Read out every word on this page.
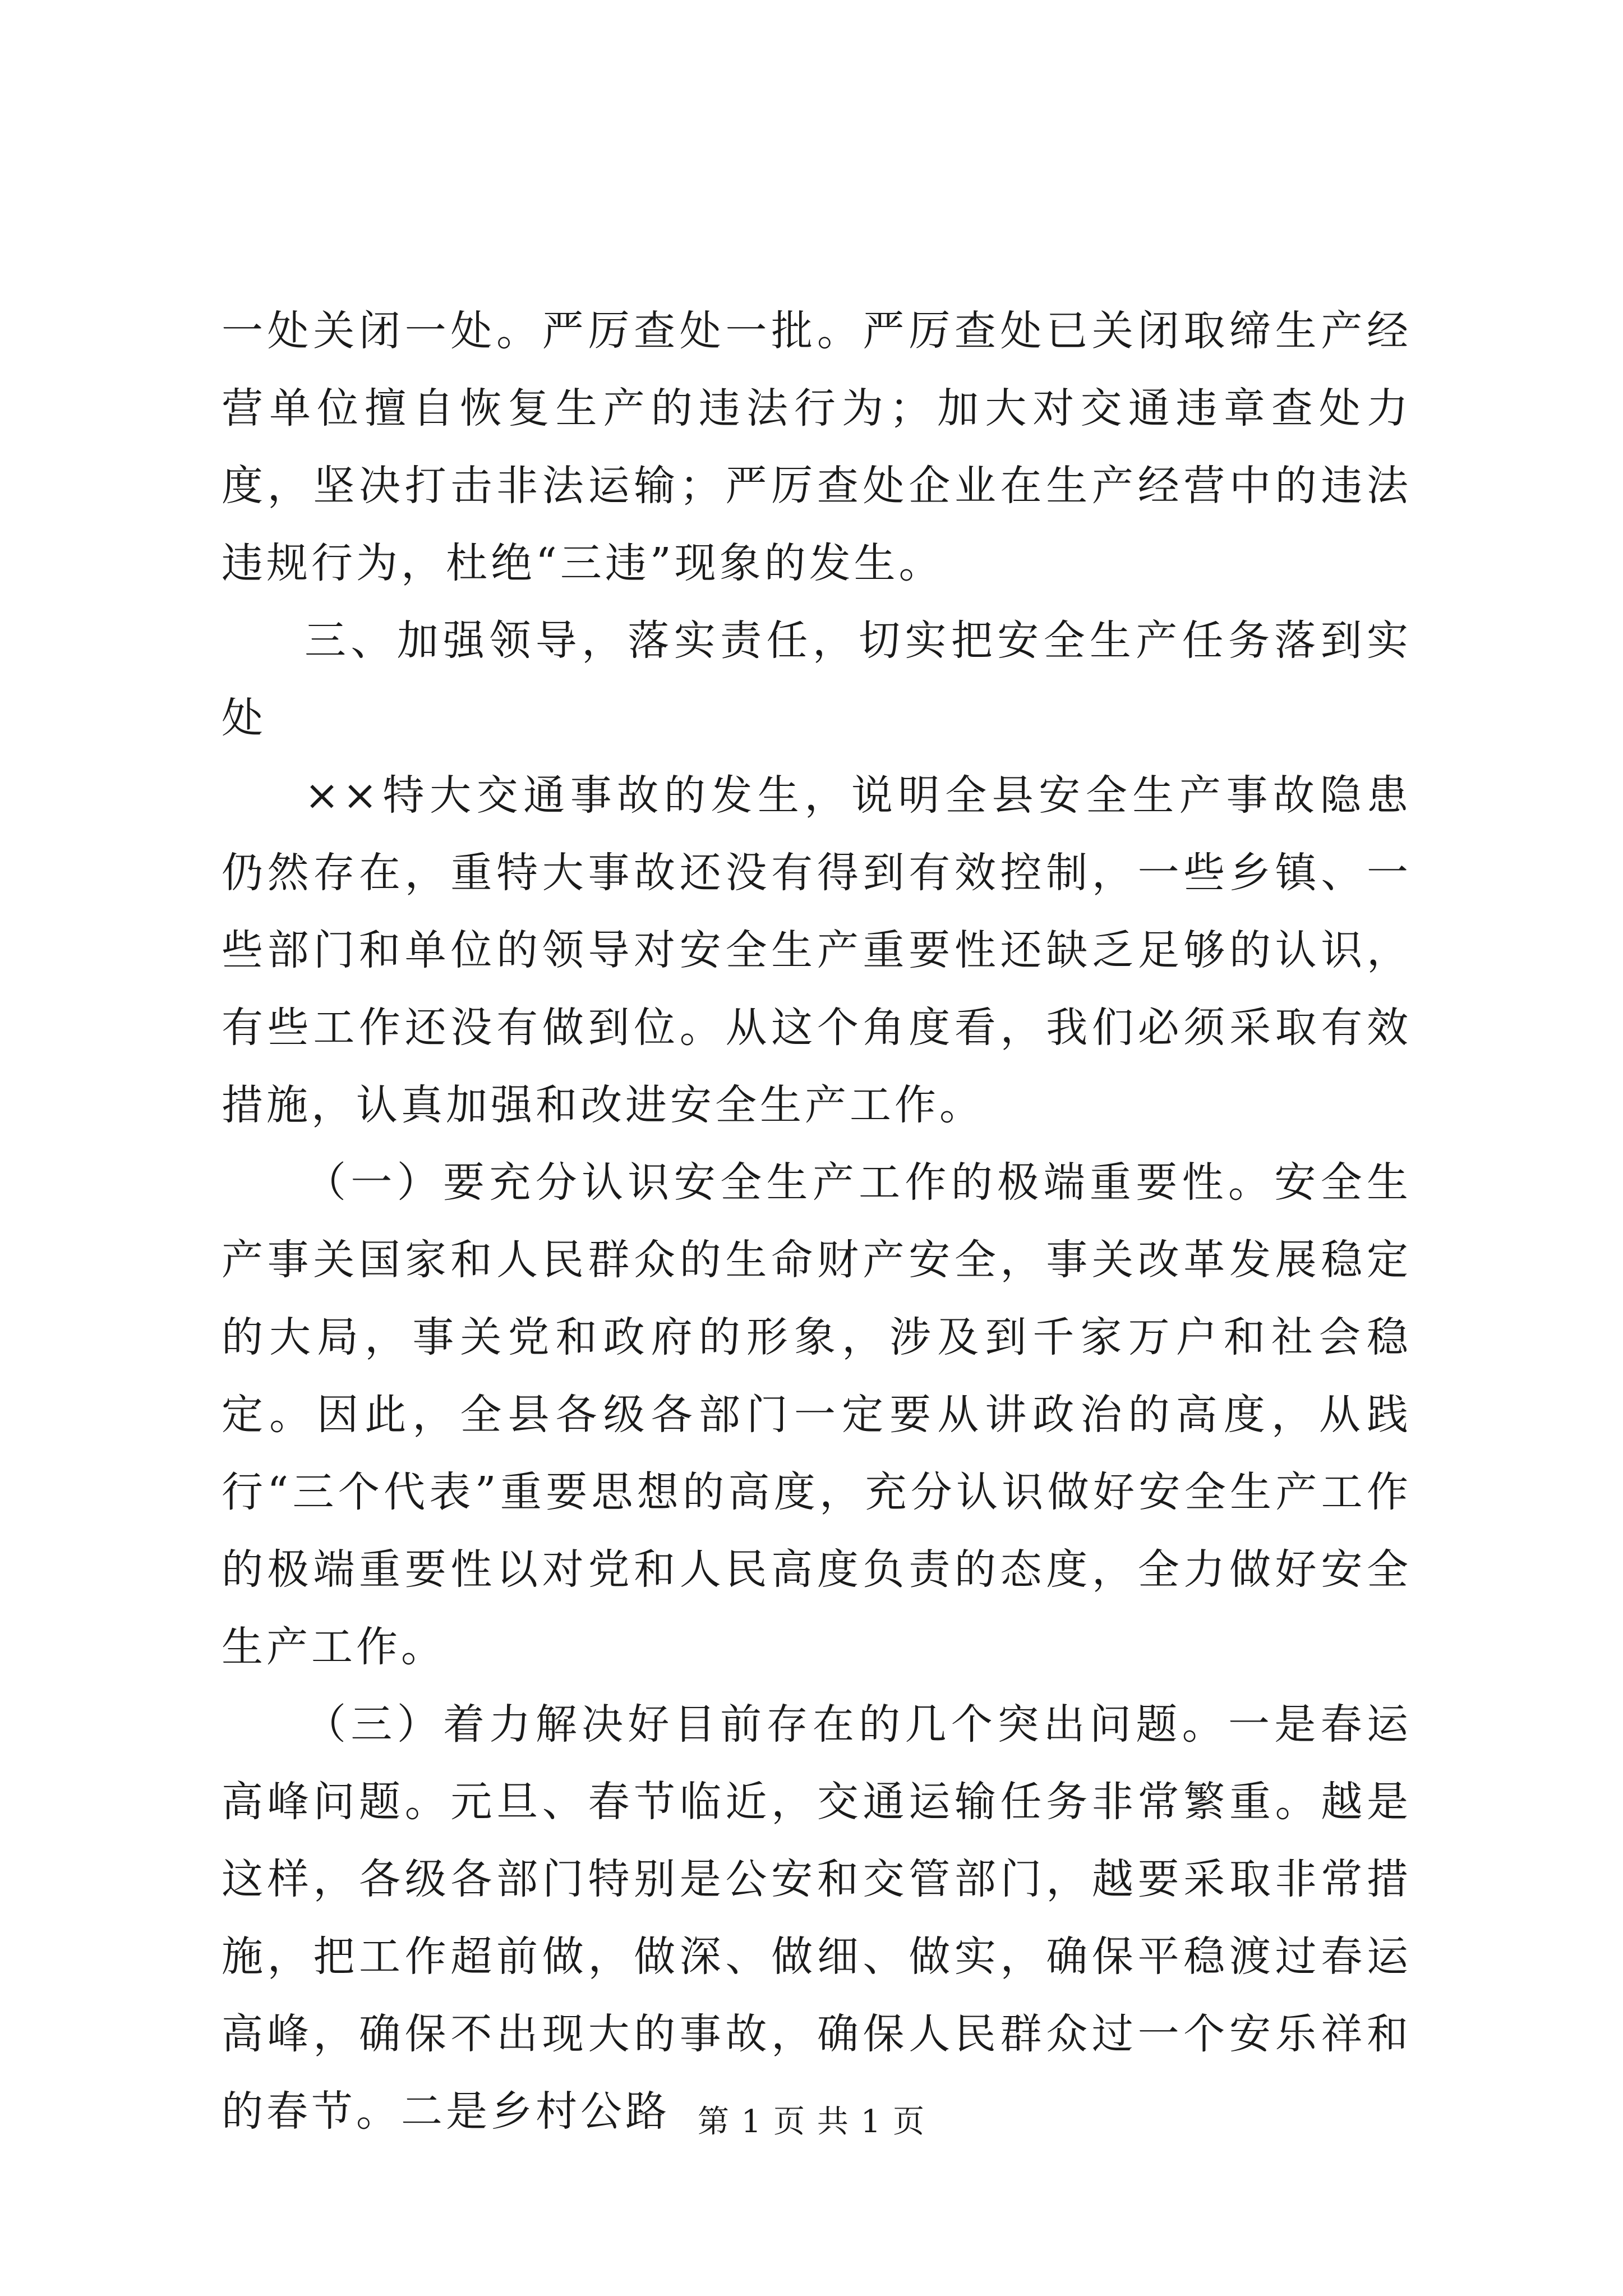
一处关闭一处。严厉查处一批。严厉查处已关闭取缔生产经营单位擅自恢复生产的违法行为；加大对交通违章查处力度，坚决打击非法运输；严厉查处企业在生产经营中的违法违规行为，杜绝“三违”现象的发生。

三、加强领导，落实责任，切实把安全生产任务落到实处

××特大交通事故的发生，说明全县安全生产事故隐患仍然存在，重特大事故还没有得到有效控制，一些乡镇、一些部门和单位的领导对安全生产重要性还缺乏足够的认识，有些工作还没有做到位。从这个角度看，我们必须采取有效措施，认真加强和改进安全生产工作。

（一）要充分认识安全生产工作的极端重要性。安全生产事关国家和人民群众的生命财产安全，事关改革发展稳定的大局，事关党和政府的形象，涉及到千家万户和社会稳定。因此，全县各级各部门一定要从讲政治的高度，从践行“三个代表”重要思想的高度，充分认识做好安全生产工作的极端重要性以对党和人民高度负责的态度，全力做好安全生产工作。

（三）着力解决好目前存在的几个突出问题。一是春运高峰问题。元旦、春节临近，交通运输任务非常繁重。越是这样，各级各部门特别是公安和交管部门，越要采取非常措施，把工作超前做，做深、做细、做实，确保平稳渡过春运高峰，确保不出现大的事故，确保人民群众过一个安乐祥和的春节。二是乡村公路 第 1 页 共 1 页
